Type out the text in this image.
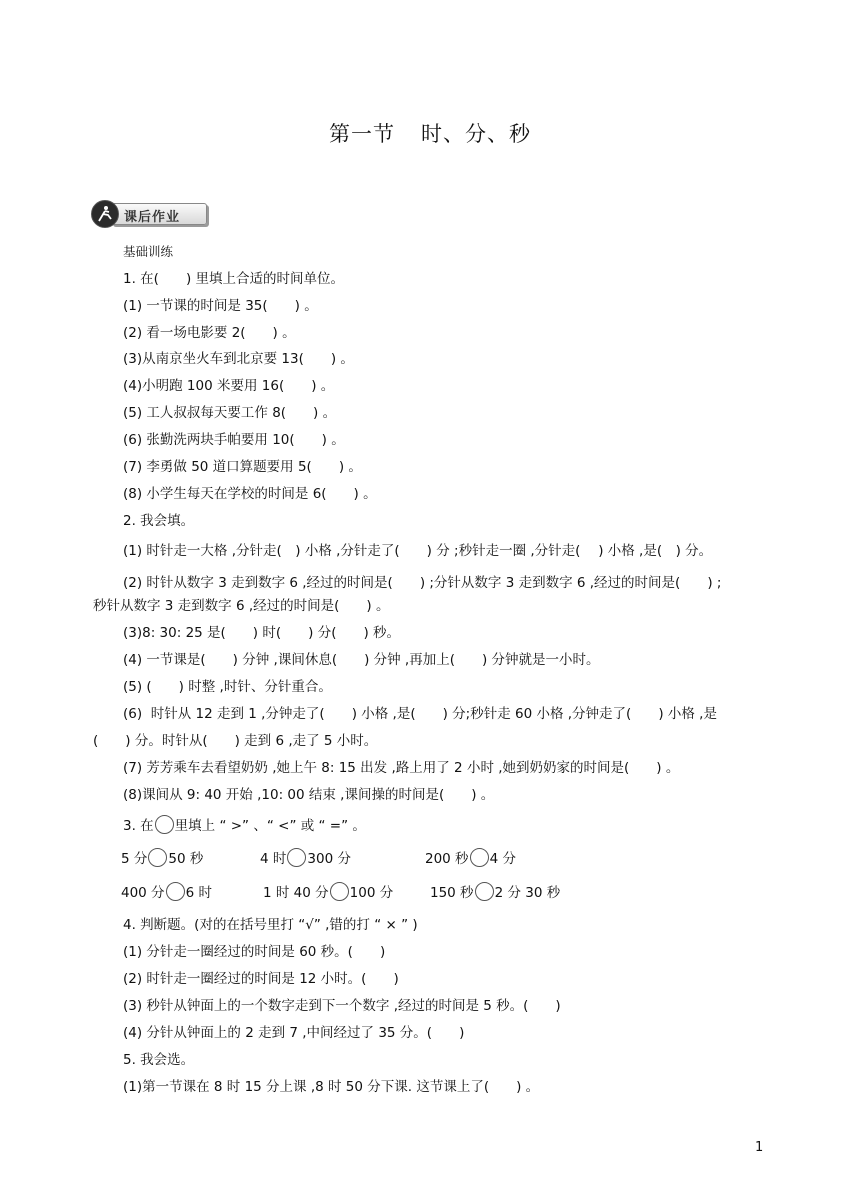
第一节 时、分、秒
课后作业
基础训练
1. 在(　　) 里填上合适的时间单位。
(1) 一节课的时间是 35(　　) 。
(2) 看一场电影要 2(　　) 。
(3)从南京坐火车到北京要 13(　　) 。
(4)小明跑 100 米要用 16(　　) 。
(5) 工人叔叔每天要工作 8(　　) 。
(6) 张勤洗两块手帕要用 10(　　) 。
(7) 李勇做 50 道口算题要用 5(　　) 。
(8) 小学生每天在学校的时间是 6(　　) 。
2. 我会填。
(1) 时针走一大格 ,分针走(　) 小格 ,分针走了(　　) 分 ;秒针走一圈 ,分针走(　 ) 小格 ,是(　) 分。
(2) 时针从数字 3 走到数字 6 ,经过的时间是(　　) ;分针从数字 3 走到数字 6 ,经过的时间是(　　) ;
秒针从数字 3 走到数字 6 ,经过的时间是(　　) 。
(3)8: 30: 25 是(　　) 时(　　) 分(　　) 秒。
(4) 一节课是(　　) 分钟 ,课间休息(　　) 分钟 ,再加上(　　) 分钟就是一小时。
(5) (　　) 时整 ,时针、分针重合。
(6)  时针从 12 走到 1 ,分钟走了(　　) 小格 ,是(　　) 分;秒针走 60 小格 ,分钟走了(　　) 小格 ,是
(　　) 分。时针从(　　) 走到 6 ,走了 5 小时。
(7) 芳芳乘车去看望奶奶 ,她上午 8: 15 出发 ,路上用了 2 小时 ,她到奶奶家的时间是(　　) 。
(8)课间从 9: 40 开始 ,10: 00 结束 ,课间操的时间是(　　) 。
3. 在 里填上 “ >” 、“ <” 或 “ =” 。
5 分 50 秒	4 时 300 分	200 秒 4 分
400 分 6 时	1 时 40 分 100 分	150 秒 2 分 30 秒
4. 判断题。(对的在括号里打 “√” ,错的打 “ × ” )
(1) 分针走一圈经过的时间是 60 秒。(　　)
(2) 时针走一圈经过的时间是 12 小时。(　　)
(3) 秒针从钟面上的一个数字走到下一个数字 ,经过的时间是 5 秒。(　　)
(4) 分针从钟面上的 2 走到 7 ,中间经过了 35 分。(　　)
5. 我会选。
(1)第一节课在 8 时 15 分上课 ,8 时 50 分下课. 这节课上了(　　) 。
1
